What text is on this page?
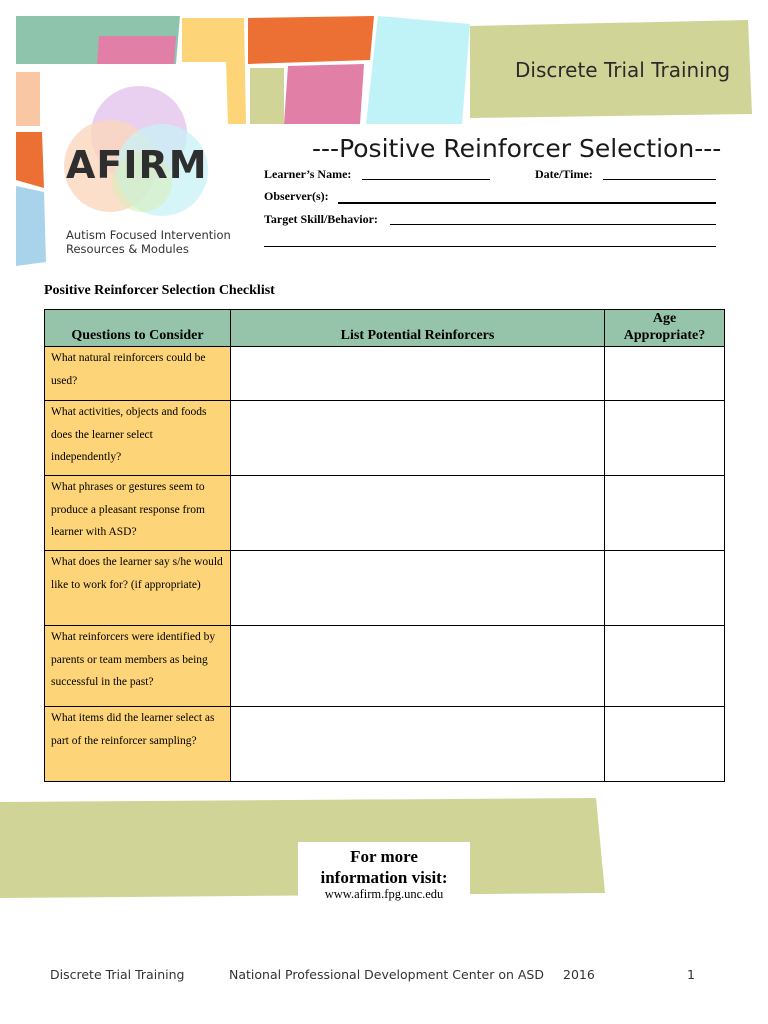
Discrete Trial Training
AFIRM
Autism Focused Intervention
Resources & Modules
---Positive Reinforcer Selection---
Learner’s Name:	Date/Time:
Observer(s):
Target Skill/Behavior:
Positive Reinforcer Selection Checklist
Questions to Consider	List Potential Reinforcers	Age Appropriate?
What natural reinforcers could be used?		
What activities, objects and foods does the learner select independently?		
What phrases or gestures seem to produce a pleasant response from learner with ASD?		
What does the learner say s/he would like to work for? (if appropriate)		
What reinforcers were identified by parents or team members as being successful in the past?		
What items did the learner select as part of the reinforcer sampling?		
For more
information visit:
www.afirm.fpg.unc.edu
Discrete Trial Training	National Professional Development Center on ASD 2016	1
